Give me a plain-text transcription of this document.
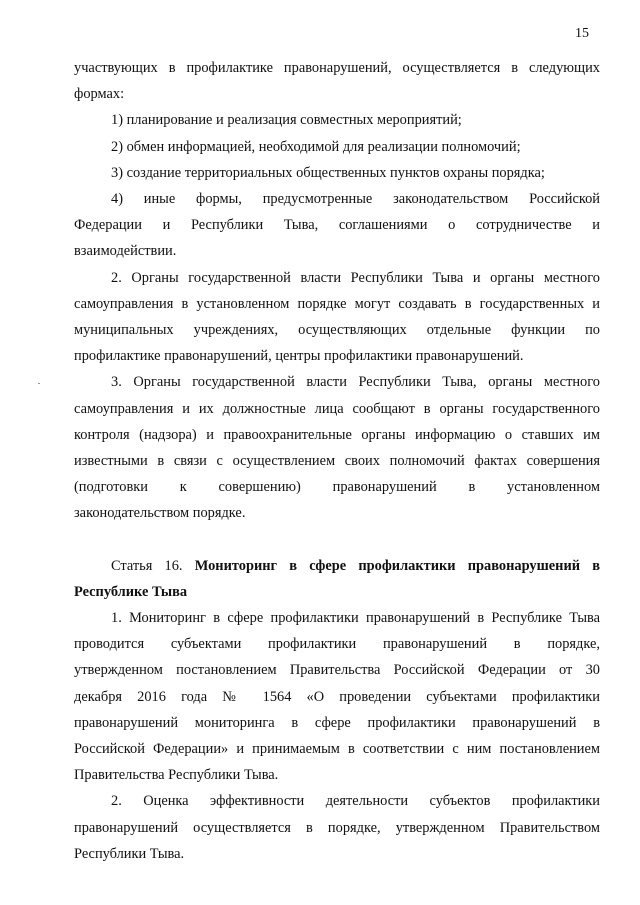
15

участвующих в профилактике правонарушений, осуществляется в следующих
формах:

1) планирование и реализация совместных мероприятий;

2) обмен информацией, необходимой для реализации полномочий;

3) создание территориальных общественных пунктов охраны порядка;

4) иные формы, предусмотренные законодательством Российской
Федерации и Республики Тыва, соглашениями о сотрудничестве и
взаимодействии.

2. Органы государственной власти Республики Тыва и органы местного
самоуправления в установленном порядке могут создавать в государственных и
муниципальных учреждениях, осуществляющих отдельные функции по
профилактике правонарушений, центры профилактики правонарушений.

3. Органы государственной власти Республики Тыва, органы местного
самоуправления и их должностные лица сообщают в органы государственного
контроля (надзора) и правоохранительные органы информацию о ставших им
известными в связи с осуществлением своих полномочий фактах совершения
(подготовки к совершению) правонарушений в установленном
законодательством порядке.

Статья 16. Мониторинг в сфере профилактики правонарушений в
Республике Тыва

1. Мониторинг в сфере профилактики правонарушений в Республике Тыва
проводится субъектами профилактики правонарушений в порядке,
утвержденном постановлением Правительства Российской Федерации от 30
декабря 2016 года № 1564 «О проведении субъектами профилактики
правонарушений мониторинга в сфере профилактики правонарушений в
Российской Федерации» и принимаемым в соответствии с ним постановлением
Правительства Республики Тыва.

2. Оценка эффективности деятельности субъектов профилактики
правонарушений осуществляется в порядке, утвержденном Правительством
Республики Тыва.
